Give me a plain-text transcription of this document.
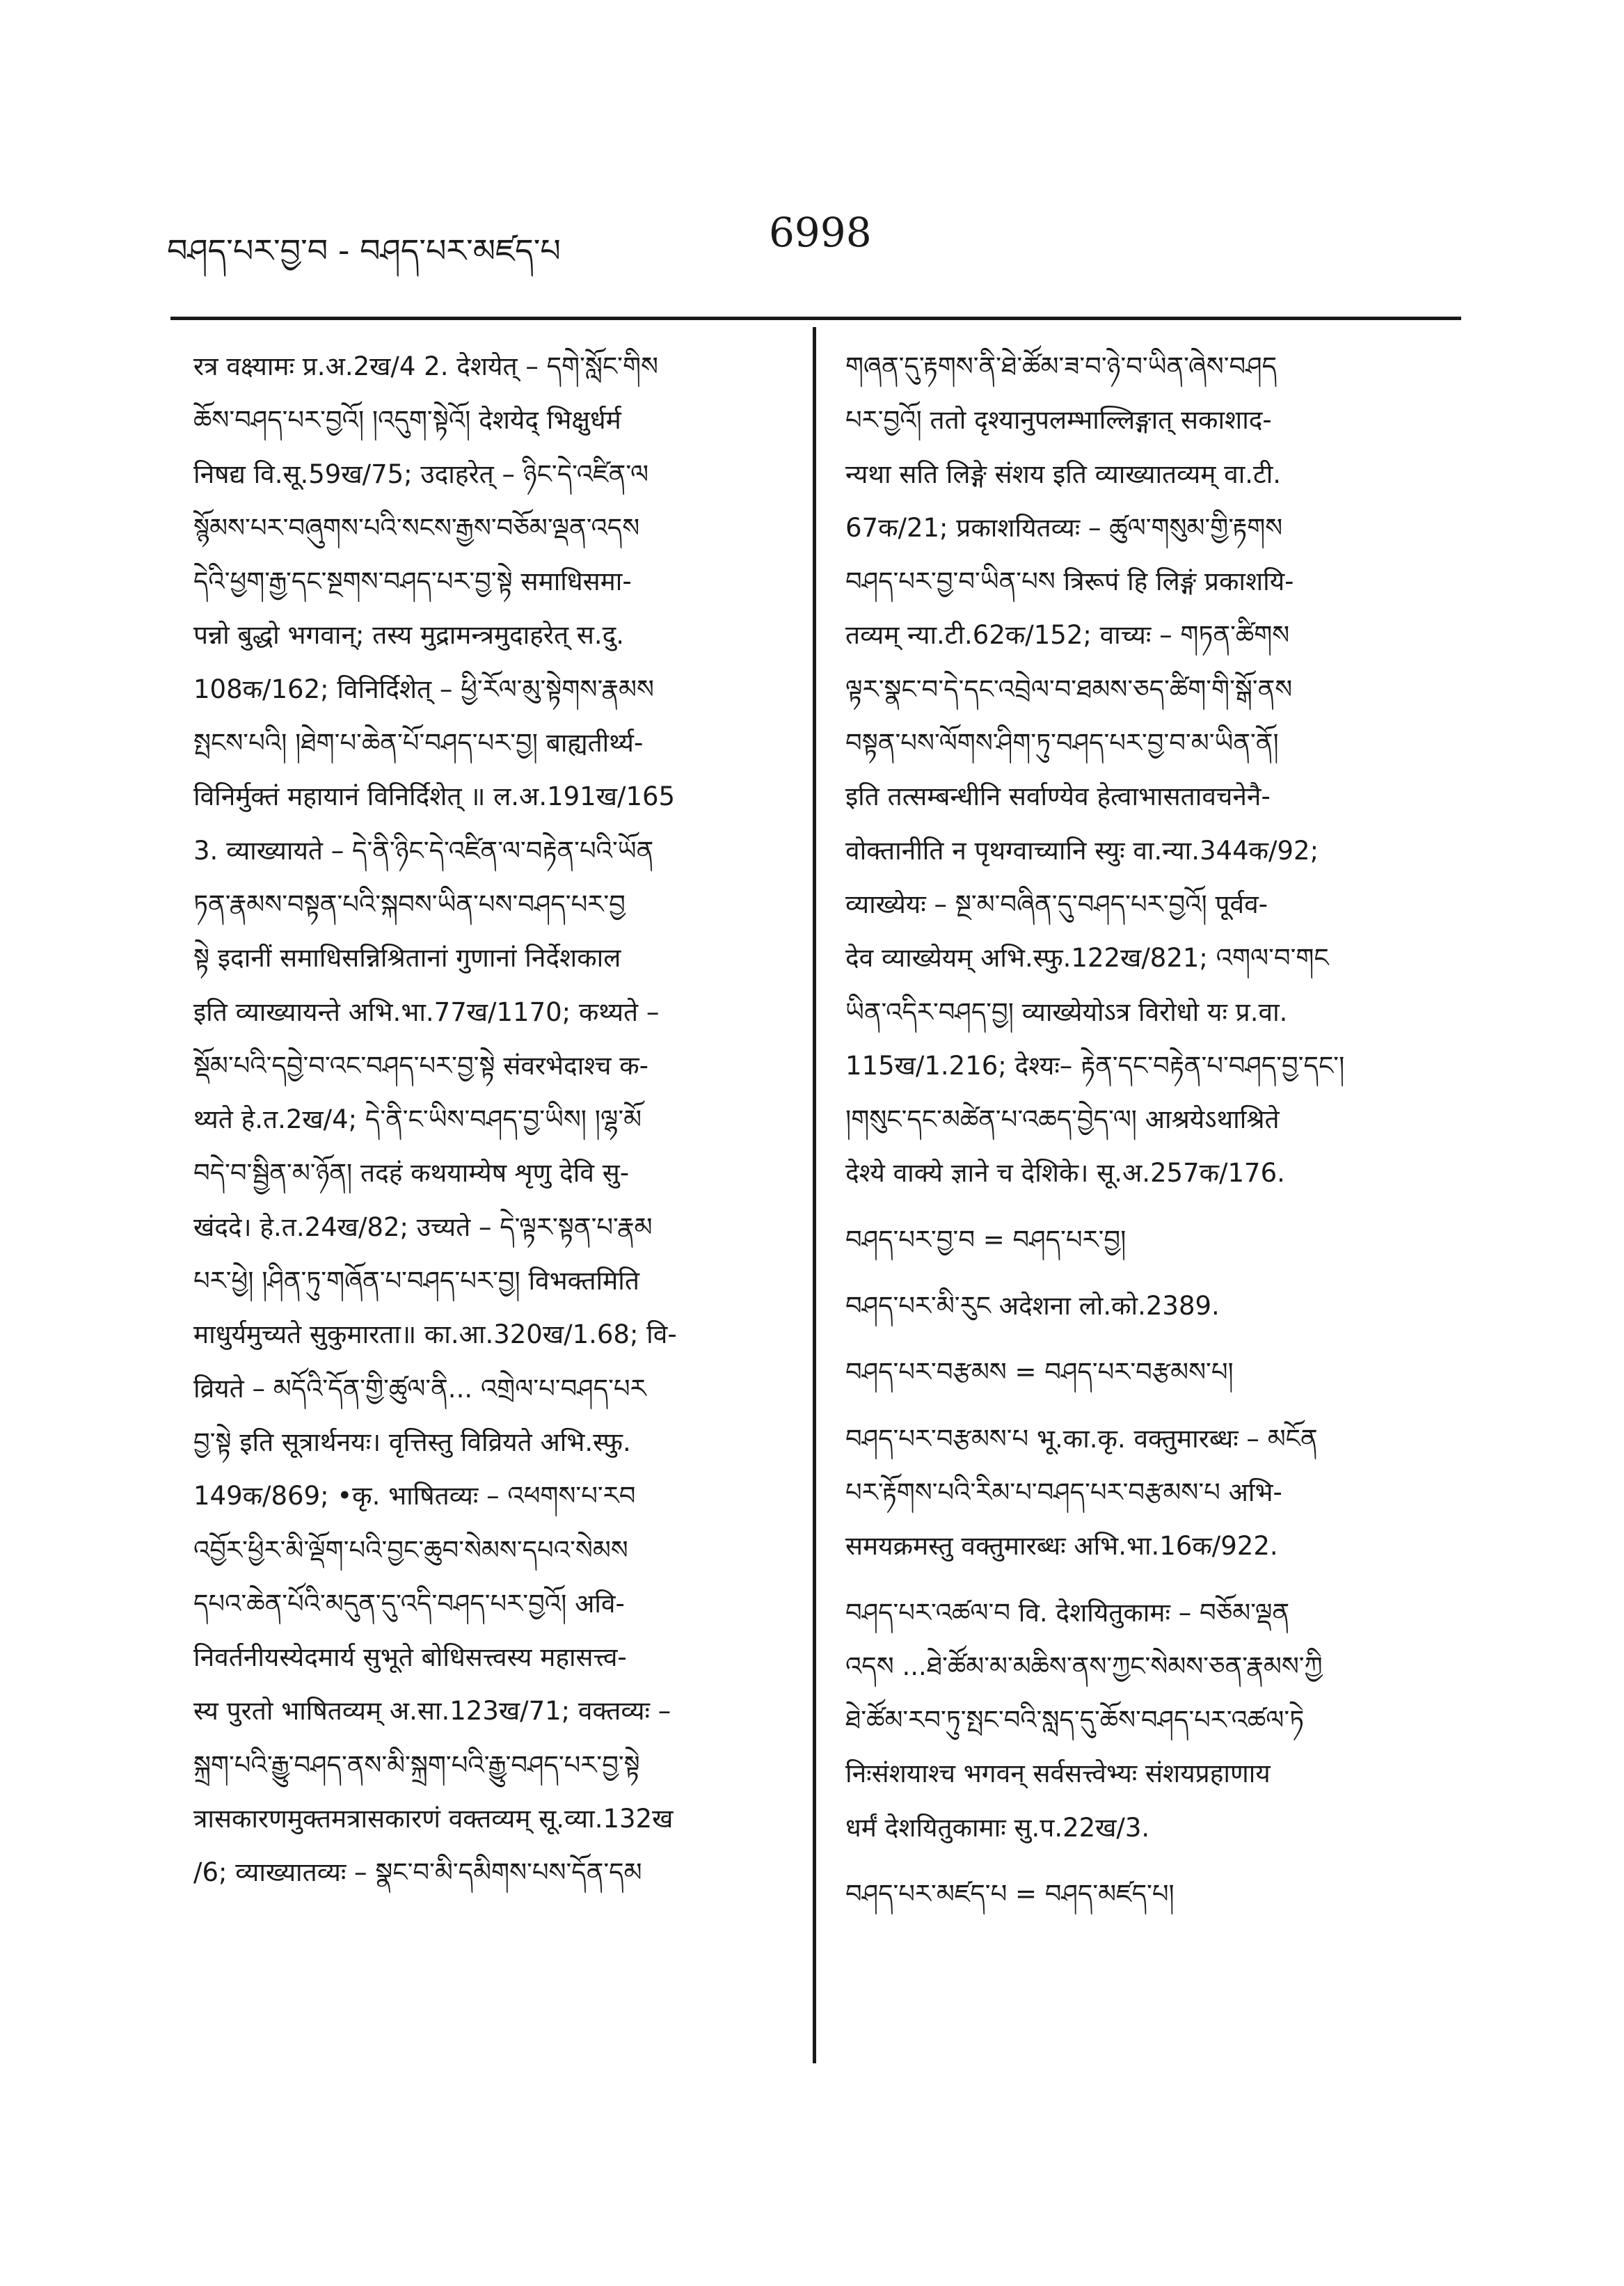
བཤད་པར་བྱ་བ - བཤད་པར་མཛད་པ	6998
रत्र वक्ष्यामः प्र.अ.2ख/4 2. देशयेत् – དགེ་སློང་གིས
ཆོས་བཤད་པར་བྱའོ། །འདུག་སྟེའོ། देशयेद् भिक्षुर्धर्म
निषद्य वि.सू.59ख/75; उदाहरेत् – ཉིང་དེ་འཛིན་ལ
སྙོམས་པར་བཞུགས་པའི་སངས་རྒྱས་བཅོམ་ལྡན་འདས
དེའི་ཕྱག་རྒྱ་དང་སྔགས་བཤད་པར་བྱ་སྟེ समाधिसमा-
पन्नो बुद्धो भगवान्; तस्य मुद्रामन्त्रमुदाहरेत् स.दु.
108क/162; विनिर्दिशेत् – ཕྱི་རོལ་མུ་སྟེགས་རྣམས
སྤངས་པའི། །ཐེག་པ་ཆེན་པོ་བཤད་པར་བྱ། बाह्यतीर्थ्य-
विनिर्मुक्तं महायानं विनिर्दिशेत् ॥ ल.अ.191ख/165
3. व्याख्यायते – དེ་ནི་ཉིང་དེ་འཛིན་ལ་བརྟེན་པའི་ཡོན
ཏན་རྣམས་བསྟན་པའི་སྐབས་ཡིན་པས་བཤད་པར་བྱ
སྟེ इदानीं समाधिसन्निश्रितानां गुणानां निर्देशकाल
इति व्याख्यायन्ते अभि.भा.77ख/1170; कथ्यते –
སྡོམ་པའི་དབྱེ་བ་འང་བཤད་པར་བྱ་སྟེ संवरभेदाश्च क-
थ्यते हे.त.2ख/4; དེ་ནི་ང་ཡིས་བཤད་བྱ་ཡིས། །ལྷ་མོ
བདེ་བ་སྦྱིན་མ་ཉོན། तदहं कथयाम्येष शृणु देवि सु-
खंददे। हे.त.24ख/82; उच्यते – དེ་ལྟར་སྟན་པ་རྣམ
པར་ཕྱེ། །ཤིན་ཏུ་གཞོན་པ་བཤད་པར་བྱ། विभक्तमिति
माधुर्यमुच्यते सुकुमारता॥ का.आ.320ख/1.68; वि-
व्रियते – མདོའི་དོན་གྱི་ཚུལ་ནི... འགྲེལ་པ་བཤད་པར
བྱ་སྟེ इति सूत्रार्थनयः। वृत्तिस्तु विव्रियते अभि.स्फु.
149क/869; •कृ. भाषितव्यः – འཕགས་པ་རབ
འབྱོར་ཕྱིར་མི་ལྡོག་པའི་བྱང་ཆུབ་སེམས་དཔའ་སེམས
དཔའ་ཆེན་པོའི་མདུན་དུ་འདི་བཤད་པར་བྱའོ། अवि-
निवर्तनीयस्येदमार्य सुभूते बोधिसत्त्वस्य महासत्त्व-
स्य पुरतो भाषितव्यम् अ.सा.123ख/71; वक्तव्यः –
སྐྲག་པའི་རྒྱུ་བཤད་ནས་མི་སྐྲག་པའི་རྒྱུ་བཤད་པར་བྱ་སྟེ
त्रासकारणमुक्तमत्रासकारणं वक्तव्यम् सू.व्या.132ख
/6; व्याख्यातव्यः – སྣང་བ་མི་དམིགས་པས་དོན་དམ
གཞན་དུ་རྟགས་ནི་ཐེ་ཚོམ་ཟ་བ་ཉེ་བ་ཡིན་ཞེས་བཤད
པར་བྱའོ། ततो दृश्यानुपलम्भाल्लिङ्गात् सकाशाद-
न्यथा सति लिङ्गे संशय इति व्याख्यातव्यम् वा.टी.
67क/21; प्रकाशयितव्यः – ཚུལ་གསུམ་གྱི་རྟགས
བཤད་པར་བྱ་བ་ཡིན་པས त्रिरूपं हि लिङ्गं प्रकाशयि-
तव्यम् न्या.टी.62क/152; वाच्यः – གཏན་ཚིགས
ལྟར་སྣང་བ་དེ་དང་འབྲེལ་བ་ཐམས་ཅད་ཚིག་གི་སྒོ་ནས
བསྟན་པས་ལོགས་ཤིག་ཏུ་བཤད་པར་བྱ་བ་མ་ཡིན་ནོ།
इति तत्सम्बन्धीनि सर्वाण्येव हेत्वाभासतावचनेनै-
वोक्तानीति न पृथग्वाच्यानि स्युः वा.न्या.344क/92;
व्याख्येयः – སྔ་མ་བཞིན་དུ་བཤད་པར་བྱའོ། पूर्वव-
देव व्याख्येयम् अभि.स्फु.122ख/821; འགལ་བ་གང
ཡིན་འདིར་བཤད་བྱ། व्याख्येयोऽत्र विरोधो यः प्र.वा.
115ख/1.216; देश्यः– རྟེན་དང་བརྟེན་པ་བཤད་བྱ་དང་།
།གསུང་དང་མཚེན་པ་འཆད་བྱེད་ལ། आश्रयेऽथाश्रिते
देश्ये वाक्ये ज्ञाने च देशिके। सू.अ.257क/176.
བཤད་པར་བྱ་བ = བཤད་པར་བྱ།
བཤད་པར་མི་རུང अदेशना लो.को.2389.
བཤད་པར་བརྩམས = བཤད་པར་བརྩམས་པ།
བཤད་པར་བརྩམས་པ भू.का.कृ. वक्तुमारब्धः – མངོན
པར་རྟོགས་པའི་རིམ་པ་བཤད་པར་བརྩམས་པ अभि-
समयक्रमस्तु वक्तुमारब्धः अभि.भा.16क/922.
བཤད་པར་འཚལ་བ वि. देशयितुकामः – བཅོམ་ལྡན
འདས ...ཐེ་ཚོམ་མ་མཆིས་ནས་ཀྱང་སེམས་ཅན་རྣམས་ཀྱི
ཐེ་ཚོམ་རབ་ཏུ་སྤང་བའི་སླད་དུ་ཆོས་བཤད་པར་འཚལ་ཏེ
निःसंशयाश्च भगवन् सर्वसत्त्वेभ्यः संशयप्रहाणाय
धर्मं देशयितुकामाः सु.प.22ख/3.
བཤད་པར་མཛད་པ = བཤད་མཛད་པ།
